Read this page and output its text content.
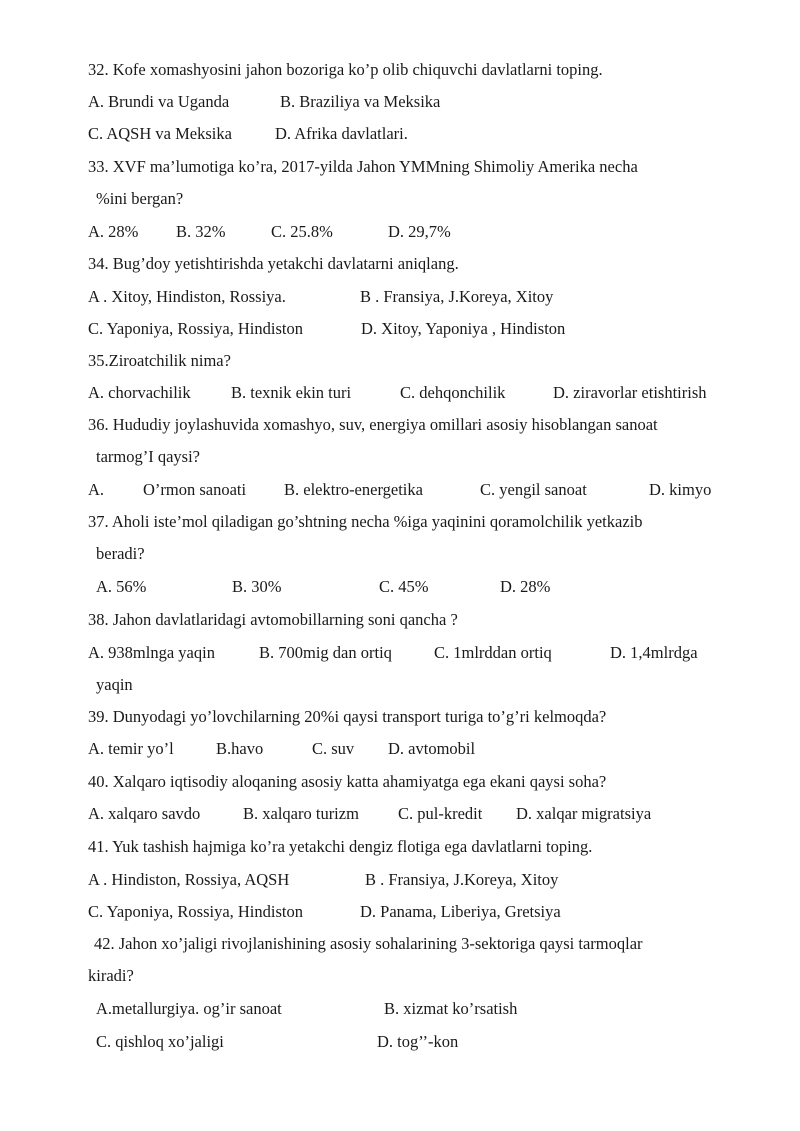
32. Kofe xomashyosini jahon bozoriga ko’p olib chiquvchi davlatlarni toping.
A. Brundi va Uganda	B. Braziliya va Meksika
C. AQSH va Meksika	D. Afrika davlatlari.
33. XVF ma’lumotiga ko’ra, 2017-yilda Jahon YMMning Shimoliy Amerika necha
%ini bergan?
A. 28% B. 32%	C. 25.8%	D. 29,7%
34. Bug’doy yetishtirishda yetakchi davlatarni aniqlang.
A . Xitoy, Hindiston, Rossiya.	B . Fransiya, J.Koreya, Xitoy
C. Yaponiya, Rossiya, Hindiston	D. Xitoy, Yaponiya , Hindiston
35.Ziroatchilik nima?
A. chorvachilik B. texnik ekin turi	C. dehqonchilik	D. ziravorlar etishtirish
36. Hududiy joylashuvida xomashyo, suv, energiya omillari asosiy hisoblangan sanoat
tarmog’I qaysi?
A. O’rmon sanoati B. elektro-energetika	C. yengil sanoat	D. kimyo
37. Aholi iste’mol qiladigan go’shtning necha %iga yaqinini qoramolchilik yetkazib
beradi?
A. 56%	B. 30%	C. 45%	D. 28%
38. Jahon davlatlaridagi avtomobillarning soni qancha ?
A. 938mlnga yaqin	B. 700mig dan ortiq	C. 1mlrddan ortiq	D. 1,4mlrdga
yaqin
39. Dunyodagi yo’lovchilarning 20%i qaysi transport turiga to’g’ri kelmoqda?
A. temir yo’l	B.havo	C. suv D. avtomobil
40. Xalqaro iqtisodiy aloqaning asosiy katta ahamiyatga ega ekani qaysi soha?
A. xalqaro savdo	B. xalqaro turizm C. pul-kredit D. xalqar migratsiya
41. Yuk tashish hajmiga ko’ra yetakchi dengiz flotiga ega davlatlarni toping.
A . Hindiston, Rossiya, AQSH	B . Fransiya, J.Koreya, Xitoy
C. Yaponiya, Rossiya, Hindiston	D. Panama, Liberiya, Gretsiya
42. Jahon xo’jaligi rivojlanishining asosiy sohalarining 3-sektoriga qaysi tarmoqlar
kiradi?
A.metallurgiya. og’ir sanoat	B. xizmat ko’rsatish
C. qishloq xo’jaligi	D. tog’’-kon
